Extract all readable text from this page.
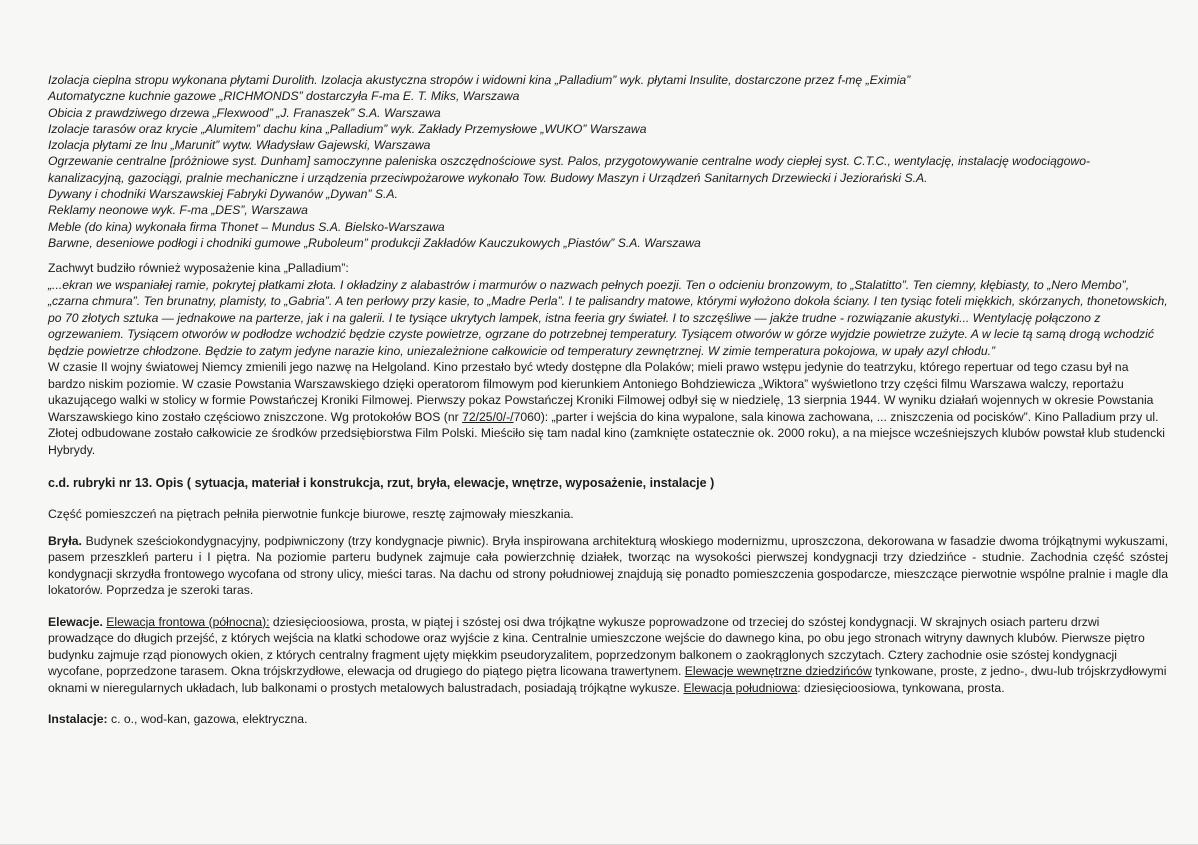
Izolacja cieplna stropu wykonana płytami Durolith. Izolacja akustyczna stropów i widowni kina „Palladium” wyk. płytami Insulite, dostarczone przez f-mę „Eximia”

Automatyczne kuchnie gazowe „RICHMONDS” dostarczyła F-ma E. T. Miks, Warszawa

Obicia z prawdziwego drzewa „Flexwood” „J. Franaszek” S.A. Warszawa

Izolacje tarasów oraz krycie „Alumitem” dachu kina „Palladium” wyk. Zakłady Przemysłowe „WUKO” Warszawa

Izolacja płytami ze lnu „Marunit” wytw. Władysław Gajewski, Warszawa

Ogrzewanie centralne [próżniowe syst. Dunham] samoczynne paleniska oszczędnościowe syst. Palos, przygotowywanie centralne wody ciepłej syst. C.T.C., wentylację, instalację wodociągowo-kanalizacyjną, gazociągi, pralnie mechaniczne i urządzenia przeciwpożarowe wykonało Tow. Budowy Maszyn i Urządzeń Sanitarnych Drzewiecki i Jeziorański S.A.

Dywany i chodniki Warszawskiej Fabryki Dywanów „Dywan” S.A.

Reklamy neonowe wyk. F-ma „DES”, Warszawa

Meble (do kina) wykonała firma Thonet – Mundus S.A. Bielsko-Warszawa

Barwne, deseniowe podłogi i chodniki gumowe „Ruboleum” produkcji Zakładów Kauczukowych „Piastów” S.A. Warszawa

Zachwyt budziło również wyposażenie kina „Palladium”:

„...ekran we wspaniałej ramie, pokrytej płatkami złota. I okładziny z alabastrów i marmurów o nazwach pełnych poezji. Ten o odcieniu bronzowym, to „Stalatitto”. Ten ciemny, kłębiasty, to „Nero Membo”, „czarna chmura”. Ten brunatny, plamisty, to „Gabria”. A ten perłowy przy kasie, to „Madre Perla”. I te palisandry matowe, którymi wyłożono dokoła ściany. I ten tysiąc foteli miękkich, skórzanych, thonetowskich, po 70 złotych sztuka — jednakowe na parterze, jak i na galerii. I te tysiące ukrytych lampek, istna feeria gry świateł. I to szczęśliwe — jakże trudne - rozwiązanie akustyki... Wentylację połączono z ogrzewaniem. Tysiącem otworów w podłodze wchodzić będzie czyste powietrze, ogrzane do potrzebnej temperatury. Tysiącem otworów w górze wyjdzie powietrze zużyte. A w lecie tą samą drogą wchodzić będzie powietrze chłodzone. Będzie to zatym jedyne narazie kino, uniezależnione całkowicie od temperatury zewnętrznej. W zimie temperatura pokojowa, w upały azyl chłodu.”

W czasie II wojny światowej Niemcy zmienili jego nazwę na Helgoland. Kino przestało być wtedy dostępne dla Polaków; mieli prawo wstępu jedynie do teatrzyku, którego repertuar od tego czasu był na bardzo niskim poziomie. W czasie Powstania Warszawskiego dzięki operatorom filmowym pod kierunkiem Antoniego Bohdziewicza „Wiktora” wyświetlono trzy części filmu Warszawa walczy, reportażu ukazującego walki w stolicy w formie Powstańczej Kroniki Filmowej. Pierwszy pokaz Powstańczej Kroniki Filmowej odbył się w niedzielę, 13 sierpnia 1944. W wyniku działań wojennych w okresie Powstania Warszawskiego kino zostało częściowo zniszczone. Wg protokołów BOS (nr 72/25/0/-/7060): „parter i wejścia do kina wypalone, sala kinowa zachowana, ... zniszczenia od pocisków”. Kino Palladium przy ul. Złotej odbudowane zostało całkowicie ze środków przedsiębiorstwa Film Polski. Mieściło się tam nadal kino (zamknięte ostatecznie ok. 2000 roku), a na miejsce wcześniejszych klubów powstał klub studencki Hybrydy.

c.d. rubryki nr 13. Opis ( sytuacja, materiał i konstrukcja, rzut, bryła, elewacje, wnętrze, wyposażenie, instalacje )

Część pomieszczeń na piętrach pełniła pierwotnie funkcje biurowe, resztę zajmowały mieszkania.

Bryła. Budynek sześciokondygnacyjny, podpiwniczony (trzy kondygnacje piwnic). Bryła inspirowana architekturą włoskiego modernizmu, uproszczona, dekorowana w fasadzie dwoma trójkątnymi wykuszami, pasem przeszkleń parteru i I piętra. Na poziomie parteru budynek zajmuje cała powierzchnię działek, tworząc na wysokości pierwszej kondygnacji trzy dziedzińce - studnie. Zachodnia część szóstej kondygnacji skrzydła frontowego wycofana od strony ulicy, mieści taras. Na dachu od strony południowej znajdują się ponadto pomieszczenia gospodarcze, mieszczące pierwotnie wspólne pralnie i magle dla lokatorów. Poprzedza je szeroki taras.

Elewacje. Elewacja frontowa (północna): dziesięcioosiowa, prosta, w piątej i szóstej osi dwa trójkątne wykusze poprowadzone od trzeciej do szóstej kondygnacji. W skrajnych osiach parteru drzwi prowadzące do długich przejść, z których wejścia na klatki schodowe oraz wyjście z kina. Centralnie umieszczone wejście do dawnego kina, po obu jego stronach witryny dawnych klubów. Pierwsze piętro budynku zajmuje rząd pionowych okien, z których centralny fragment ujęty miękkim pseudoryzalitem, poprzedzonym balkonem o zaokrąglonych szczytach. Cztery zachodnie osie szóstej kondygnacji wycofane, poprzedzone tarasem. Okna trójskrzydłowe, elewacja od drugiego do piątego piętra licowana trawertynem. Elewacje wewnętrzne dziedzińców tynkowane, proste, z jedno-, dwu-lub trójskrzydłowymi oknami w nieregularnych układach, lub balkonami o prostych metalowych balustradach, posiadają trójkątne wykusze. Elewacja południowa: dziesięcioosiowa, tynkowana, prosta.

Instalacje: c. o., wod-kan, gazowa, elektryczna.
